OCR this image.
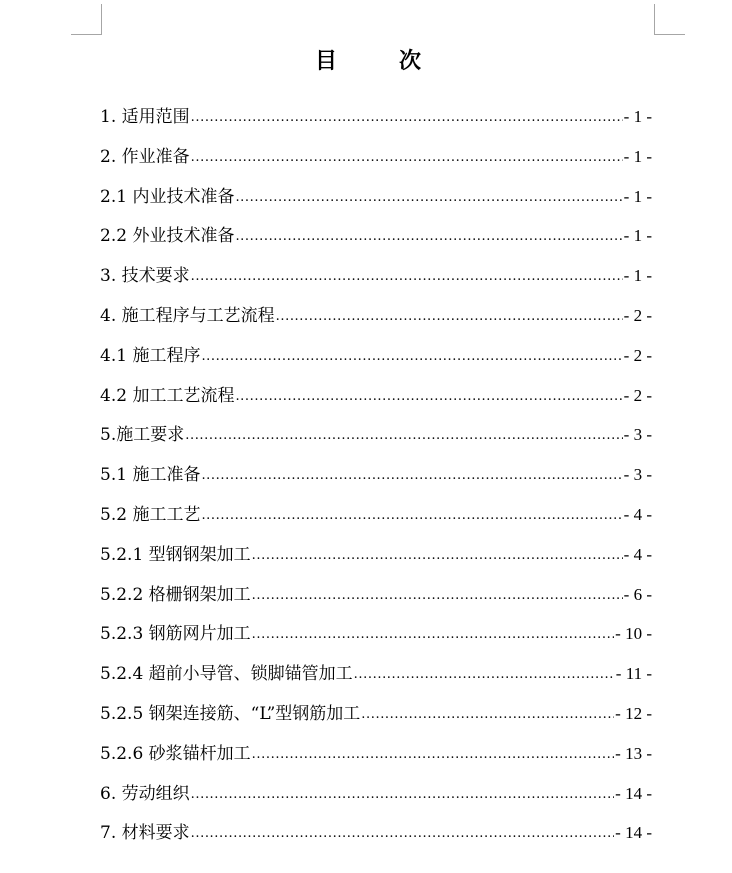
目　次
1. 适用范围 .....	- 1 -
2. 作业准备 .....	- 1 -
2.1 内业技术准备 .....	- 1 -
2.2 外业技术准备 .....	- 1 -
3. 技术要求 .....	- 1 -
4. 施工程序与工艺流程 .....	- 2 -
4.1 施工程序 .....	- 2 -
4.2 加工工艺流程 .....	- 2 -
5.施工要求 .....	- 3 -
5.1 施工准备 .....	- 3 -
5.2 施工工艺 .....	- 4 -
5.2.1 型钢钢架加工 .....	- 4 -
5.2.2 格栅钢架加工 .....	- 6 -
5.2.3 钢筋网片加工 .....	- 10 -
5.2.4 超前小导管、锁脚锚管加工 .....	- 11 -
5.2.5 钢架连接筋、“L”型钢筋加工 .....	- 12 -
5.2.6 砂浆锚杆加工 .....	- 13 -
6. 劳动组织 .....	- 14 -
7. 材料要求 .....	- 14 -
